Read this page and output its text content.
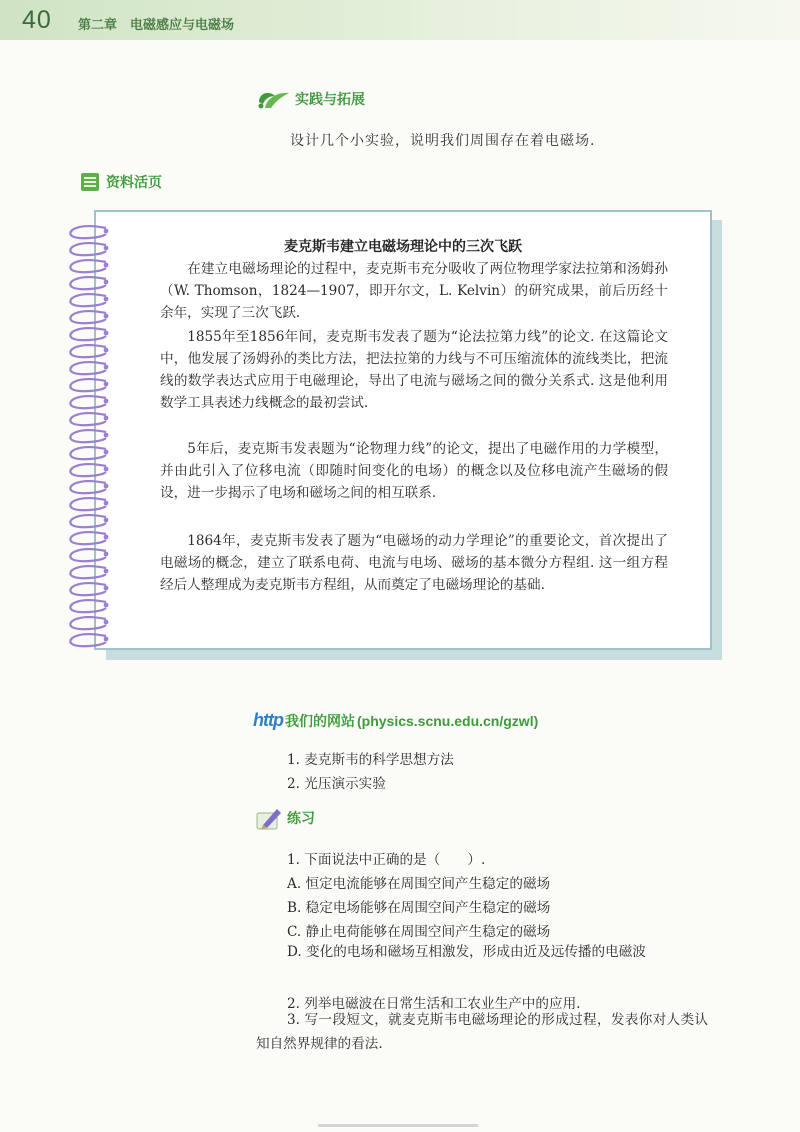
40 第二章　电磁感应与电磁场
实践与拓展
设计几个小实验，说明我们周围存在着电磁场.
资料活页
麦克斯韦建立电磁场理论中的三次飞跃

在建立电磁场理论的过程中，麦克斯韦充分吸收了两位物理学家法拉第和汤姆孙（W. Thomson，1824—1907，即开尔文，L. Kelvin）的研究成果，前后历经十余年，实现了三次飞跃.

1855年至1856年间，麦克斯韦发表了题为“论法拉第力线”的论文. 在这篇论文中，他发展了汤姆孙的类比方法，把法拉第的力线与不可压缩流体的流线类比，把流线的数学表达式应用于电磁理论，导出了电流与磁场之间的微分关系式. 这是他利用数学工具表述力线概念的最初尝试.

5年后，麦克斯韦发表题为“论物理力线”的论文，提出了电磁作用的力学模型，并由此引入了位移电流（即随时间变化的电场）的概念以及位移电流产生磁场的假设，进一步揭示了电场和磁场之间的相互联系.

1864年，麦克斯韦发表了题为“电磁场的动力学理论”的重要论文，首次提出了电磁场的概念，建立了联系电荷、电流与电场、磁场的基本微分方程组. 这一组方程经后人整理成为麦克斯韦方程组，从而奠定了电磁场理论的基础.

http 我们的网站 (physics.scnu.edu.cn/gzwl)
1. 麦克斯韦的科学思想方法
2. 光压演示实验
练习
1. 下面说法中正确的是（　　）.
A. 恒定电流能够在周围空间产生稳定的磁场
B. 稳定电场能够在周围空间产生稳定的磁场
C. 静止电荷能够在周围空间产生稳定的磁场

D. 变化的电场和磁场互相激发，形成由近及远传播的电磁波

2. 列举电磁波在日常生活和工农业生产中的应用.

3. 写一段短文，就麦克斯韦电磁场理论的形成过程，发表你对人类认知自然界规律的看法.
